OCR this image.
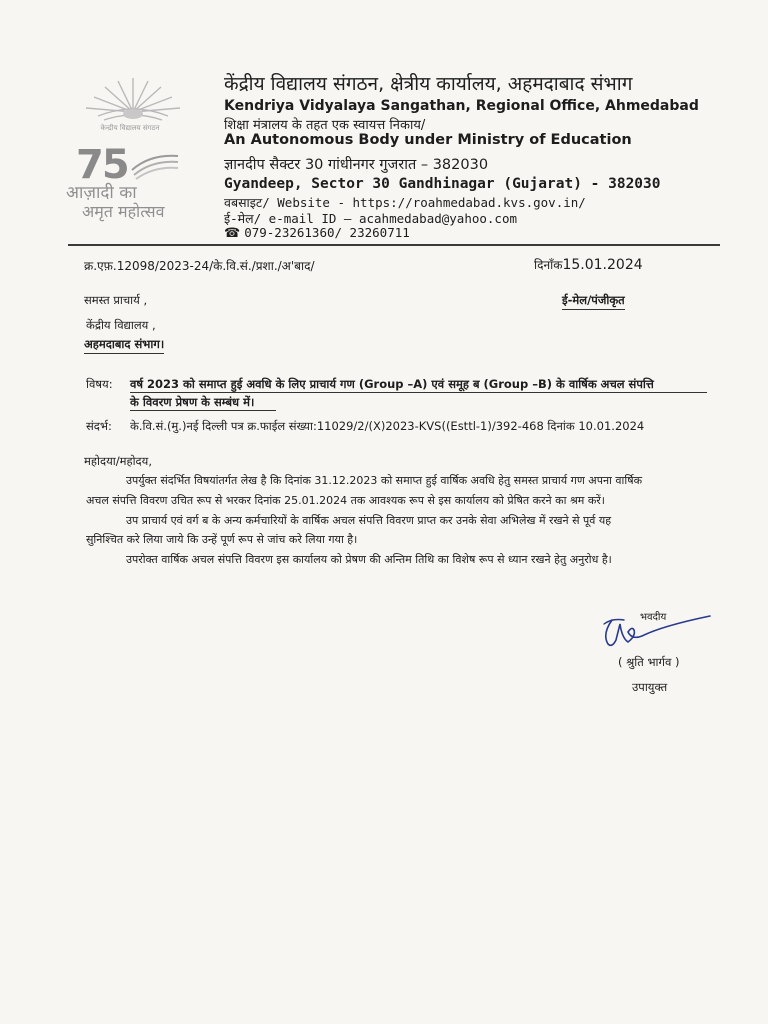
केन्द्रीय विद्यालय संगठन
75
आज़ादी का
अमृत महोत्सव
केंद्रीय विद्यालय संगठन, क्षेत्रीय कार्यालय, अहमदाबाद संभाग
Kendriya Vidyalaya Sangathan, Regional Office, Ahmedabad
शिक्षा मंत्रालय के तहत एक स्वायत्त निकाय/
An Autonomous Body under Ministry of Education
ज्ञानदीप सैक्टर 30 गांधीनगर गुजरात – 382030
Gyandeep, Sector 30 Gandhinagar (Gujarat) - 382030
वबसाइट/ Website - https://roahmedabad.kvs.gov.in/
ई-मेल/ e-mail ID – acahmedabad@yahoo.com
☎ 079-23261360/ 23260711
क्र.एफ़.12098/2023-24/के.वि.सं./प्रशा./अ'बाद/	दिनाँक15.01.2024
समस्त प्राचार्य ,	ई-मेल/पंजीकृत
केंद्रीय विद्यालय ,
अहमदाबाद संभाग।
विषय: वर्ष 2023 को समाप्त हुई अवधि के लिए प्राचार्य गण (Group –A) एवं समूह ब (Group –B) के वार्षिक अचल संपत्ति
के विवरण प्रेषण के सम्बंध में।
संदर्भ: के.वि.सं.(मु.)नई दिल्ली पत्र क्र.फाईल संख्या:11029/2/(X)2023-KVS((Esttl-1)/392-468 दिनांक 10.01.2024
महोदया/महोदय,
उपर्युक्त संदर्भित विषयांतर्गत लेख है कि दिनांक 31.12.2023 को समाप्त हुई वार्षिक अवधि हेतु समस्त प्राचार्य गण अपना वार्षिक
अचल संपत्ति विवरण उचित रूप से भरकर दिनांक 25.01.2024 तक आवश्यक रूप से इस कार्यालय को प्रेषित करने का श्रम करें।
उप प्राचार्य एवं वर्ग ब के अन्य कर्मचारियों के वार्षिक अचल संपत्ति विवरण प्राप्त कर उनके सेवा अभिलेख में रखने से पूर्व यह
सुनिश्चित करे लिया जाये कि उन्हें पूर्ण रूप से जांच करे लिया गया है।
उपरोक्त वार्षिक अचल संपत्ति विवरण इस कार्यालय को प्रेषण की अन्तिम तिथि का विशेष रूप से ध्यान रखने हेतु अनुरोध है।
भवदीय
( श्रुति भार्गव )
उपायुक्त
